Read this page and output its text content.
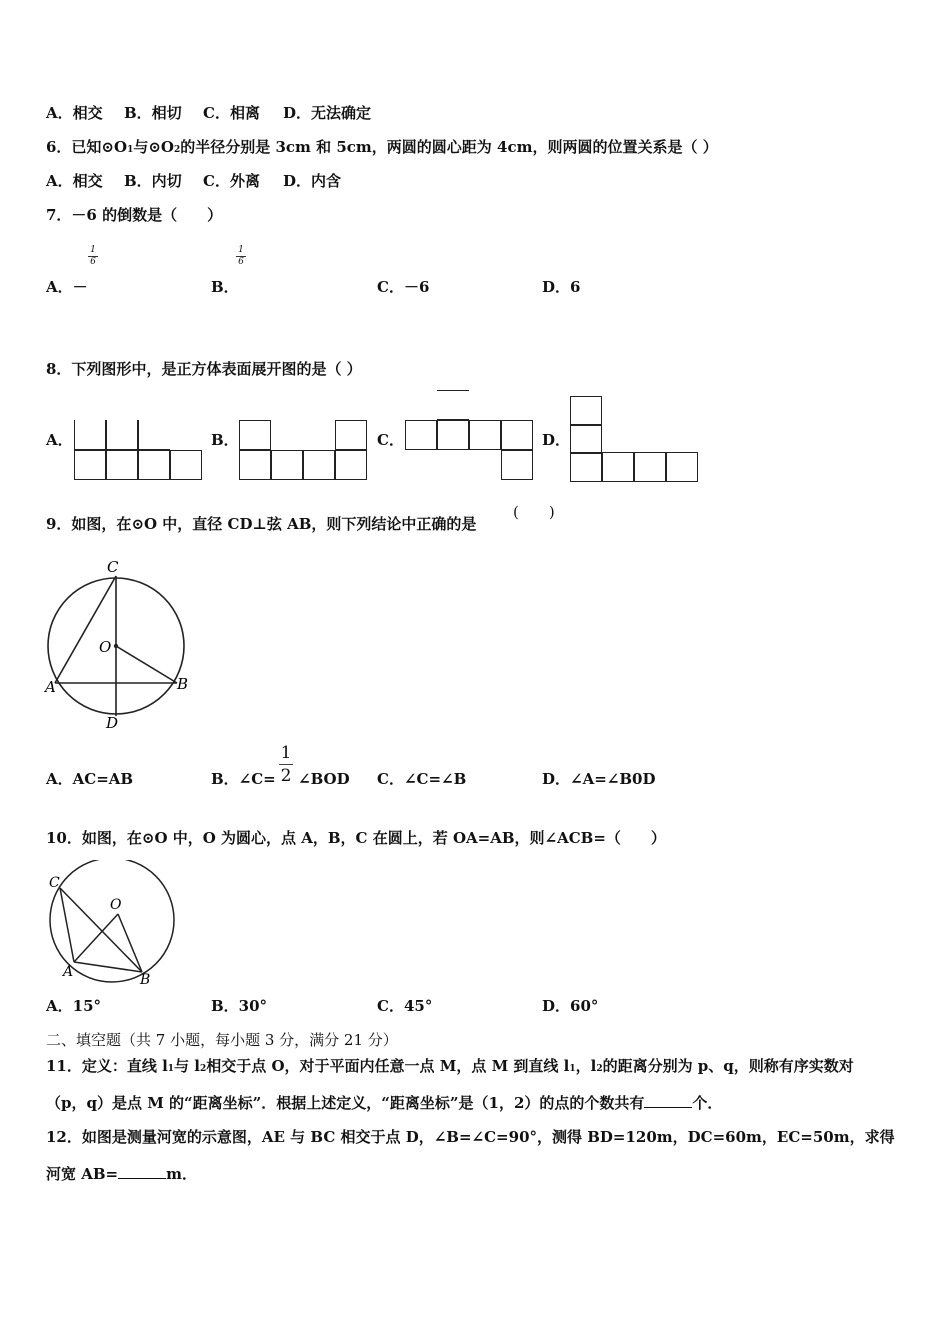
A．相交 B．相切 C．相离 D．无法确定
6．已知⊙O1与⊙O2的半径分别是 3cm 和 5cm，两圆的圆心距为 4cm，则两圆的位置关系是（ ）
A．相交 B．内切 C．外离 D．内含
7．－6 的倒数是（　　）
1
6
1
6
A．－	B．	C．－6	D．6
8．下列图形中，是正方体表面展开图的是（ ）
A．	B．	C．	D．
9．如图，在⊙O 中，直径 CD⊥弦 AB，则下列结论中正确的是
(　　)
C
O
A	B
D
A．AC=AB	B．∠C=
1
2 ∠BOD C．∠C=∠B	D．∠A=∠B0D
10．如图，在⊙O 中，O 为圆心，点 A，B，C 在圆上，若 OA=AB，则∠ACB=（　　）
C
O
A	B
A．15°	B．30°	C．45°	D．60°
二、填空题（共 7 小题，每小题 3 分，满分 21 分）
11．定义：直线 l1与 l2相交于点 O，对于平面内任意一点 M，点 M 到直线 l1，l2的距离分别为 p、q，则称有序实数对
（p，q）是点 M 的“距离坐标”．根据上述定义，“距离坐标”是（1，2）的点的个数共有	个．
12．如图是测量河宽的示意图，AE 与 BC 相交于点 D，∠B=∠C=90°，测得 BD=120m，DC=60m，EC=50m，求得
河宽 AB=	m．
